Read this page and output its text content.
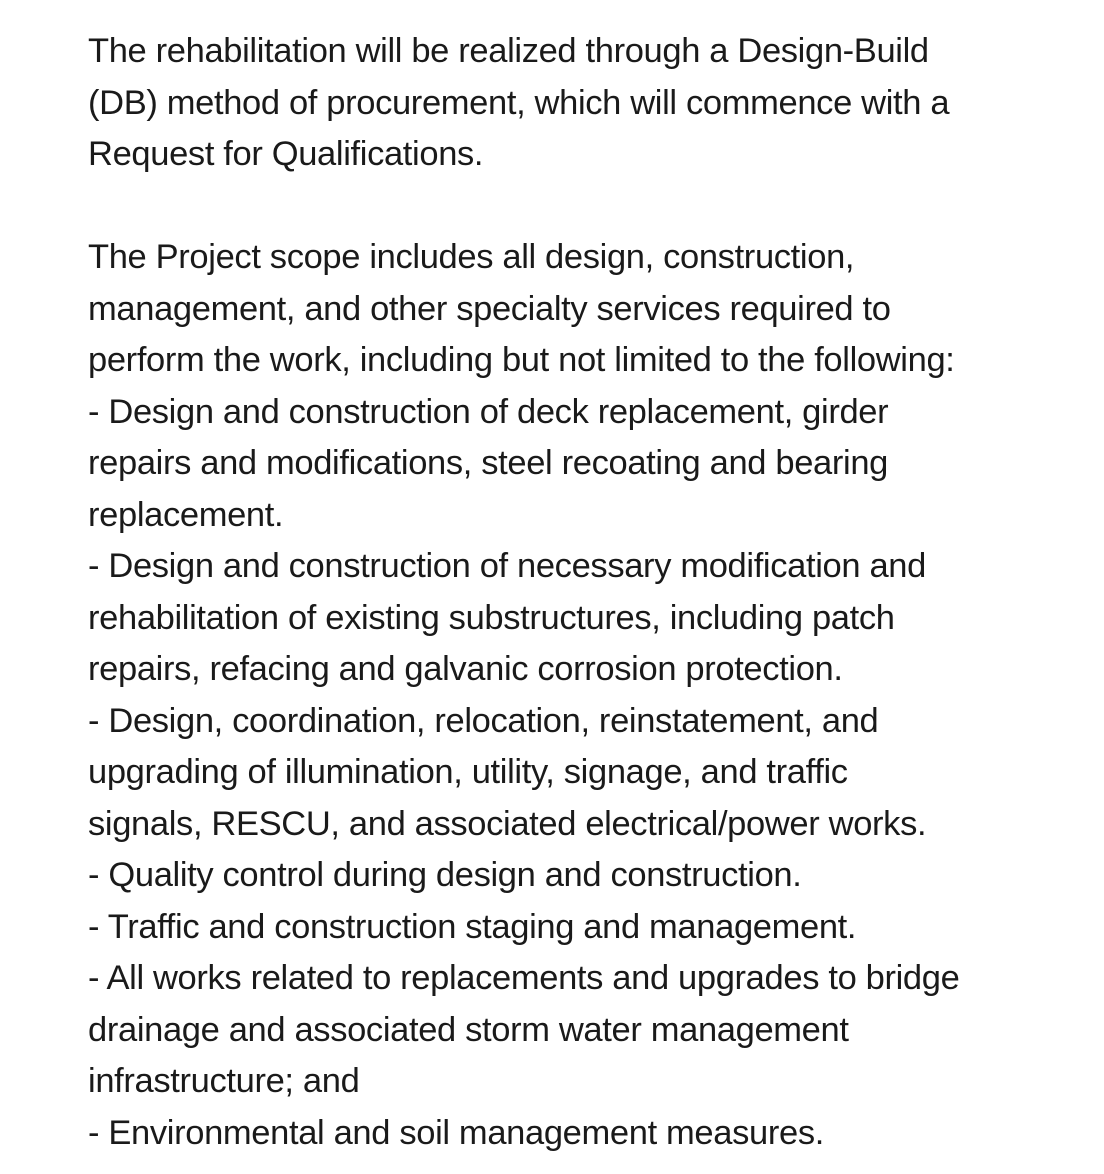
The rehabilitation will be realized through a Design-Build
(DB) method of procurement, which will commence with a
Request for Qualifications.
The Project scope includes all design, construction,
management, and other specialty services required to
perform the work, including but not limited to the following:
- Design and construction of deck replacement, girder
repairs and modifications, steel recoating and bearing
replacement.
- Design and construction of necessary modification and
rehabilitation of existing substructures, including patch
repairs, refacing and galvanic corrosion protection.
- Design, coordination, relocation, reinstatement, and
upgrading of illumination, utility, signage, and traffic
signals, RESCU, and associated electrical/power works.
- Quality control during design and construction.
- Traffic and construction staging and management.
- All works related to replacements and upgrades to bridge
drainage and associated storm water management
infrastructure; and
- Environmental and soil management measures.
